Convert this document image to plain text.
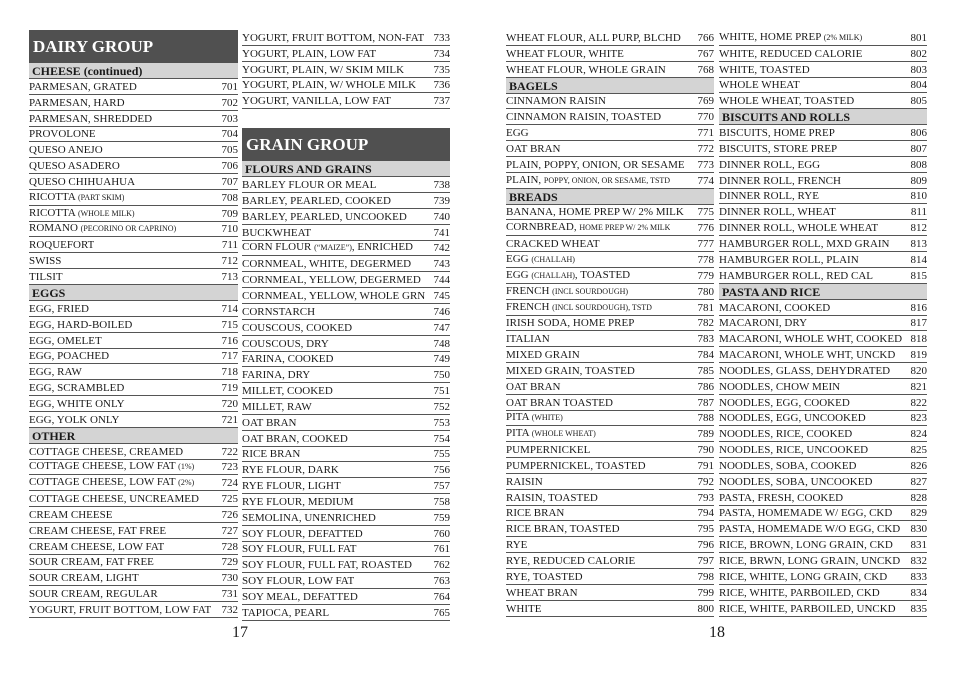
DAIRY GROUP
CHEESE (continued)
PARMESAN, GRATED	701
PARMESAN, HARD	702
PARMESAN, SHREDDED	703
PROVOLONE	704
QUESO ANEJO	705
QUESO ASADERO	706
QUESO CHIHUAHUA	707
RICOTTA (PART SKIM)	708
RICOTTA (WHOLE MILK)	709
ROMANO (PECORINO OR CAPRINO)	710
ROQUEFORT	711
SWISS	712
TILSIT	713
EGGS
EGG, FRIED	714
EGG, HARD-BOILED	715
EGG, OMELET	716
EGG, POACHED	717
EGG, RAW	718
EGG, SCRAMBLED	719
EGG, WHITE ONLY	720
EGG, YOLK ONLY	721
OTHER
COTTAGE CHEESE, CREAMED	722
COTTAGE CHEESE, LOW FAT (1%) 723
COTTAGE CHEESE, LOW FAT (2%) 724
COTTAGE CHEESE, UNCREAMED 725
CREAM CHEESE	726
CREAM CHEESE, FAT FREE	727
CREAM CHEESE, LOW FAT	728
SOUR CREAM, FAT FREE	729
SOUR CREAM, LIGHT	730
SOUR CREAM, REGULAR	731
YOGURT, FRUIT BOTTOM, LOW FAT 732
YOGURT, FRUIT BOTTOM, NON-FAT 733
YOGURT, PLAIN, LOW FAT	734
YOGURT, PLAIN, W/ SKIM MILK	735
YOGURT, PLAIN, W/ WHOLE MILK 736
YOGURT, VANILLA, LOW FAT	737
GRAIN GROUP
FLOURS AND GRAINS
BARLEY FLOUR OR MEAL	738
BARLEY, PEARLED, COOKED	739
BARLEY, PEARLED, UNCOOKED 740
BUCKWHEAT	741
CORN FLOUR (“MAIZE”), ENRICHED 742
CORNMEAL, WHITE, DEGERMED 743
CORNMEAL, YELLOW, DEGERMED 744
CORNMEAL, YELLOW, WHOLE GRN 745
CORNSTARCH	746
COUSCOUS, COOKED	747
COUSCOUS, DRY	748
FARINA, COOKED	749
FARINA, DRY	750
MILLET, COOKED	751
MILLET, RAW	752
OAT BRAN	753
OAT BRAN, COOKED	754
RICE BRAN	755
RYE FLOUR, DARK	756
RYE FLOUR, LIGHT	757
RYE FLOUR, MEDIUM	758
SEMOLINA, UNENRICHED	759
SOY FLOUR, DEFATTED	760
SOY FLOUR, FULL FAT	761
SOY FLOUR, FULL FAT, ROASTED 762
SOY FLOUR, LOW FAT	763
SOY MEAL, DEFATTED	764
TAPIOCA, PEARL	765
WHEAT FLOUR, ALL PURP, BLCHD 766
WHEAT FLOUR, WHITE	767
WHEAT FLOUR, WHOLE GRAIN	768
BAGELS
CINNAMON RAISIN	769
CINNAMON RAISIN, TOASTED	770
EGG	771
OAT BRAN	772
PLAIN, POPPY, ONION, OR SESAME 773
PLAIN, POPPY, ONION, OR SESAME, TSTD 774
BREADS
BANANA, HOME PREP W/ 2% MILK 775
CORNBREAD, HOME PREP W/ 2% MILK 776
CRACKED WHEAT	777
EGG (CHALLAH)	778
EGG (CHALLAH), TOASTED	779
FRENCH (INCL SOURDOUGH)	780
FRENCH (INCL SOURDOUGH), TSTD	781
IRISH SODA, HOME PREP	782
ITALIAN	783
MIXED GRAIN	784
MIXED GRAIN, TOASTED	785
OAT BRAN	786
OAT BRAN TOASTED	787
PITA (WHITE)	788
PITA (WHOLE WHEAT)	789
PUMPERNICKEL	790
PUMPERNICKEL, TOASTED	791
RAISIN	792
RAISIN, TOASTED	793
RICE BRAN	794
RICE BRAN, TOASTED	795
RYE	796
RYE, REDUCED CALORIE	797
RYE, TOASTED	798
WHEAT BRAN	799
WHITE	800
WHITE, HOME PREP (2% MILK)	801
WHITE, REDUCED CALORIE	802
WHITE, TOASTED	803
WHOLE WHEAT	804
WHOLE WHEAT, TOASTED	805
BISCUITS AND ROLLS
BISCUITS, HOME PREP	806
BISCUITS, STORE PREP	807
DINNER ROLL, EGG	808
DINNER ROLL, FRENCH	809
DINNER ROLL, RYE	810
DINNER ROLL, WHEAT	811
DINNER ROLL, WHOLE WHEAT	812
HAMBURGER ROLL, MXD GRAIN 813
HAMBURGER ROLL, PLAIN	814
HAMBURGER ROLL, RED CAL	815
PASTA AND RICE
MACARONI, COOKED	816
MACARONI, DRY	817
MACARONI, WHOLE WHT, COOKED 818
MACARONI, WHOLE WHT, UNCKD 819
NOODLES, GLASS, DEHYDRATED 820
NOODLES, CHOW MEIN	821
NOODLES, EGG, COOKED	822
NOODLES, EGG, UNCOOKED	823
NOODLES, RICE, COOKED	824
NOODLES, RICE, UNCOOKED	825
NOODLES, SOBA, COOKED	826
NOODLES, SOBA, UNCOOKED	827
PASTA, FRESH, COOKED	828
PASTA, HOMEMADE W/ EGG, CKD 829
PASTA, HOMEMADE W/O EGG, CKD 830
RICE, BROWN, LONG GRAIN, CKD 831
RICE, BRWN, LONG GRAIN, UNCKD 832
RICE, WHITE, LONG GRAIN, CKD 833
RICE, WHITE, PARBOILED, CKD	834
RICE, WHITE, PARBOILED, UNCKD 835
17	18
